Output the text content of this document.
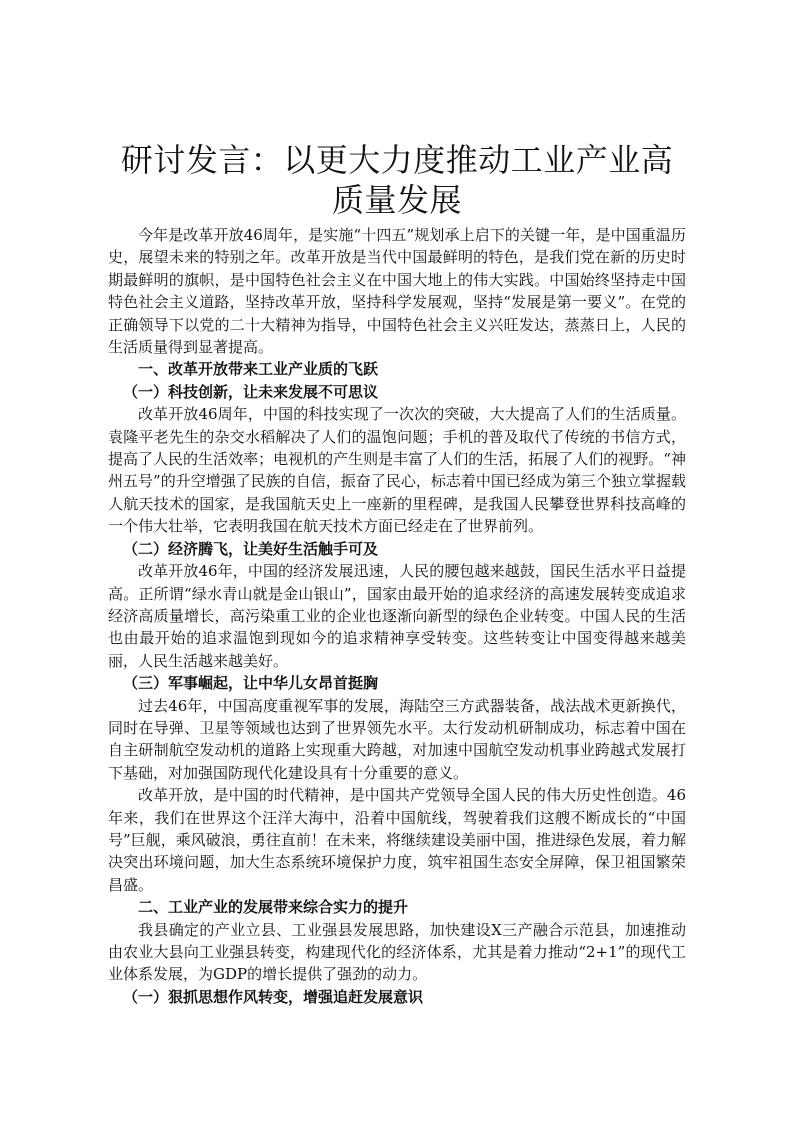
研讨发言：以更大力度推动工业产业高质量发展

今年是改革开放46周年，是实施“十四五”规划承上启下的关键一年，是中国重温历史，展望未来的特别之年。改革开放是当代中国最鲜明的特色，是我们党在新的历史时期最鲜明的旗帜，是中国特色社会主义在中国大地上的伟大实践。中国始终坚持走中国特色社会主义道路，坚持改革开放，坚持科学发展观，坚持“发展是第一要义”。在党的正确领导下以党的二十大精神为指导，中国特色社会主义兴旺发达，蒸蒸日上，人民的生活质量得到显著提高。

一、改革开放带来工业产业质的飞跃
（一）科技创新，让未来发展不可思议

改革开放46周年，中国的科技实现了一次次的突破，大大提高了人们的生活质量。袁隆平老先生的杂交水稻解决了人们的温饱问题；手机的普及取代了传统的书信方式，提高了人民的生活效率；电视机的产生则是丰富了人们的生活，拓展了人们的视野。“神州五号”的升空增强了民族的自信，振奋了民心，标志着中国已经成为第三个独立掌握载人航天技术的国家，是我国航天史上一座新的里程碑，是我国人民攀登世界科技高峰的一个伟大壮举，它表明我国在航天技术方面已经走在了世界前列。

（二）经济腾飞，让美好生活触手可及

改革开放46年，中国的经济发展迅速，人民的腰包越来越鼓，国民生活水平日益提高。正所谓“绿水青山就是金山银山”，国家由最开始的追求经济的高速发展转变成追求经济高质量增长，高污染重工业的企业也逐渐向新型的绿色企业转变。中国人民的生活也由最开始的追求温饱到现如今的追求精神享受转变。这些转变让中国变得越来越美丽，人民生活越来越美好。

（三）军事崛起，让中华儿女昂首挺胸

过去46年，中国高度重视军事的发展，海陆空三方武器装备，战法战术更新换代，同时在导弹、卫星等领域也达到了世界领先水平。太行发动机研制成功，标志着中国在自主研制航空发动机的道路上实现重大跨越，对加速中国航空发动机事业跨越式发展打下基础，对加强国防现代化建设具有十分重要的意义。

改革开放，是中国的时代精神，是中国共产党领导全国人民的伟大历史性创造。46年来，我们在世界这个汪洋大海中，沿着中国航线，驾驶着我们这艘不断成长的“中国号”巨舰，乘风破浪，勇往直前！在未来，将继续建设美丽中国，推进绿色发展，着力解决突出环境问题，加大生态系统环境保护力度，筑牢祖国生态安全屏障，保卫祖国繁荣昌盛。

二、工业产业的发展带来综合实力的提升

我县确定的产业立县、工业强县发展思路，加快建设X三产融合示范县，加速推动由农业大县向工业强县转变，构建现代化的经济体系，尤其是着力推动“2+1”的现代工业体系发展，为GDP的增长提供了强劲的动力。

（一）狠抓思想作风转变，增强追赶发展意识
